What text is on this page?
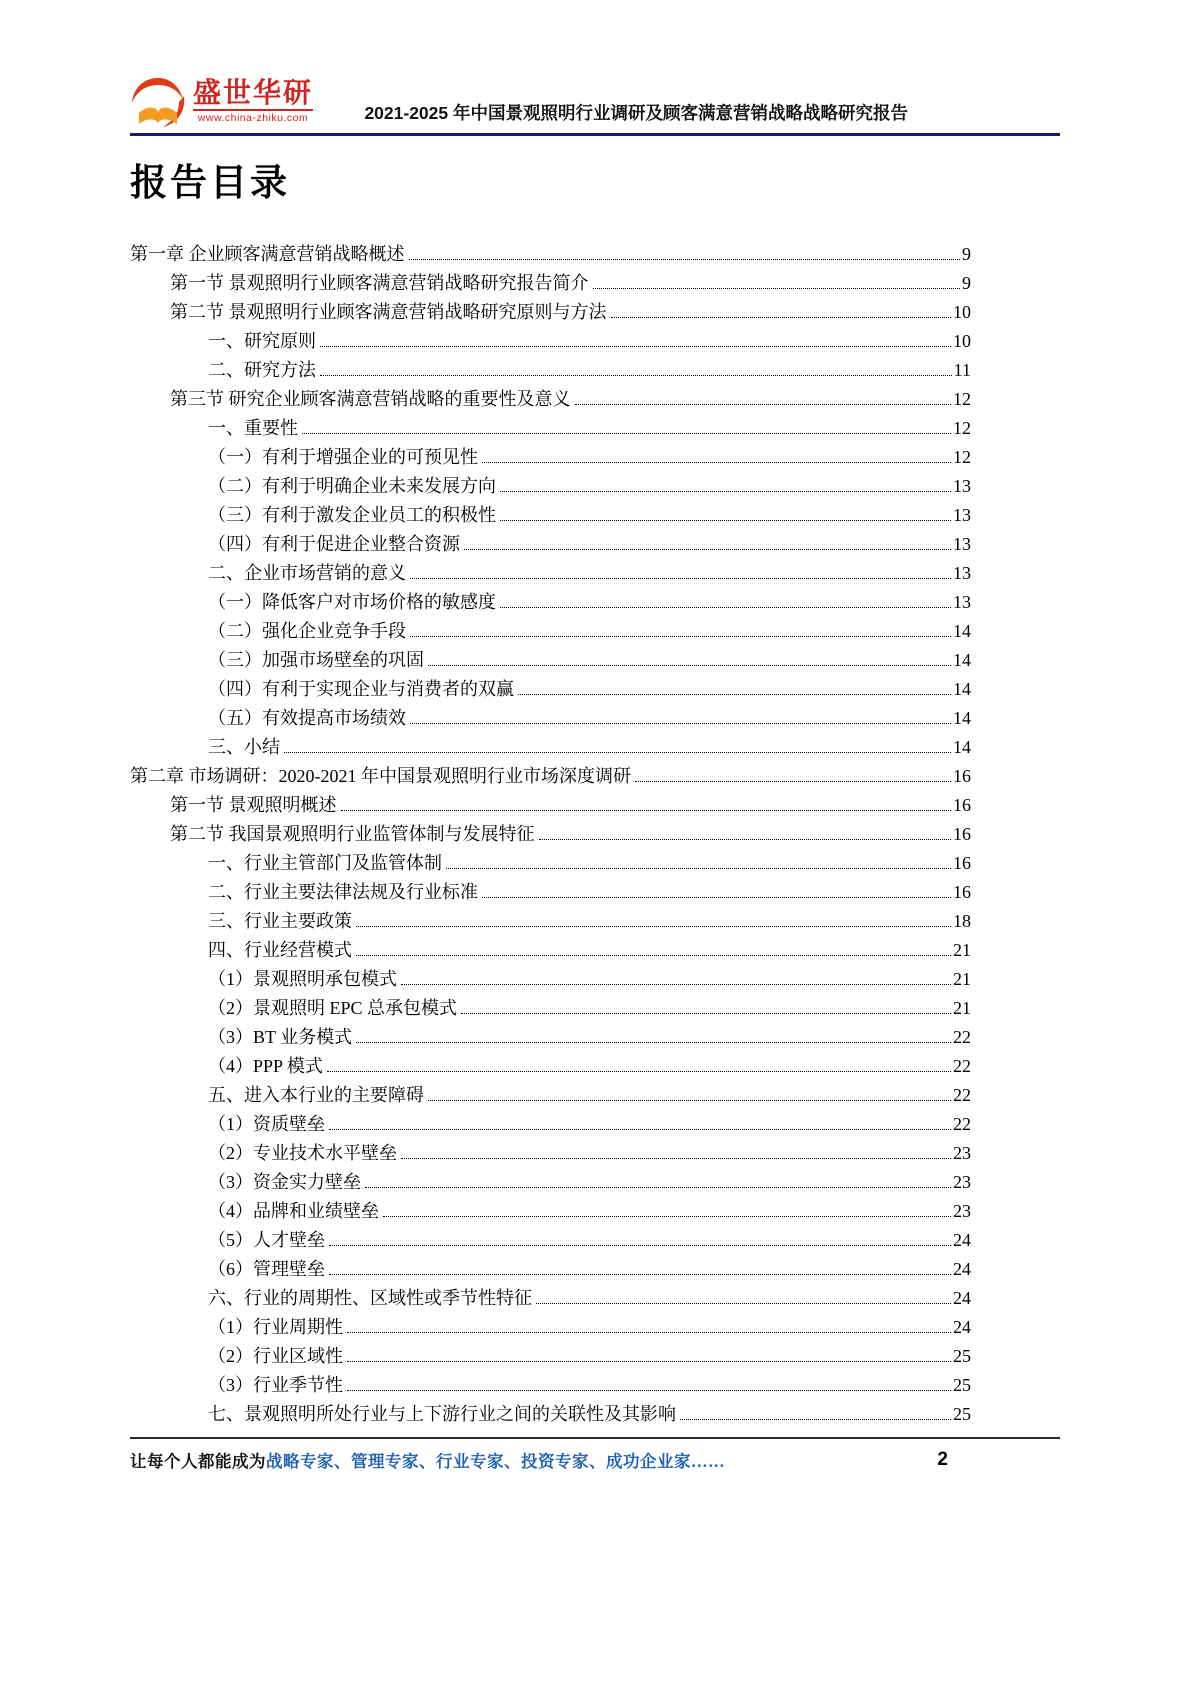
盛世华研
www.china-zhiku.com	2021-2025 年中国景观照明行业调研及顾客满意营销战略战略研究报告
报告目录
第一章 企业顾客满意营销战略概述	9
第一节 景观照明行业顾客满意营销战略研究报告简介	9
第二节 景观照明行业顾客满意营销战略研究原则与方法	10
一、研究原则	10
二、研究方法	11
第三节 研究企业顾客满意营销战略的重要性及意义	12
一、重要性	12
（一）有利于增强企业的可预见性	12
（二）有利于明确企业未来发展方向	13
（三）有利于激发企业员工的积极性	13
（四）有利于促进企业整合资源	13
二、企业市场营销的意义	13
（一）降低客户对市场价格的敏感度	13
（二）强化企业竞争手段	14
（三）加强市场壁垒的巩固	14
（四）有利于实现企业与消费者的双赢	14
（五）有效提高市场绩效	14
三、小结	14
第二章 市场调研：2020-2021 年中国景观照明行业市场深度调研	16
第一节 景观照明概述	16
第二节 我国景观照明行业监管体制与发展特征	16
一、行业主管部门及监管体制	16
二、行业主要法律法规及行业标准	16
三、行业主要政策	18
四、行业经营模式	21
（1）景观照明承包模式	21
（2）景观照明 EPC 总承包模式	21
（3）BT 业务模式	22
（4）PPP 模式	22
五、进入本行业的主要障碍	22
（1）资质壁垒	22
（2）专业技术水平壁垒	23
（3）资金实力壁垒	23
（4）品牌和业绩壁垒	23
（5）人才壁垒	24
（6）管理壁垒	24
六、行业的周期性、区域性或季节性特征	24
（1）行业周期性	24
（2）行业区域性	25
（3）行业季节性	25
七、景观照明所处行业与上下游行业之间的关联性及其影响	25
让每个人都能成为战略专家、管理专家、行业专家、投资专家、成功企业家……	2
